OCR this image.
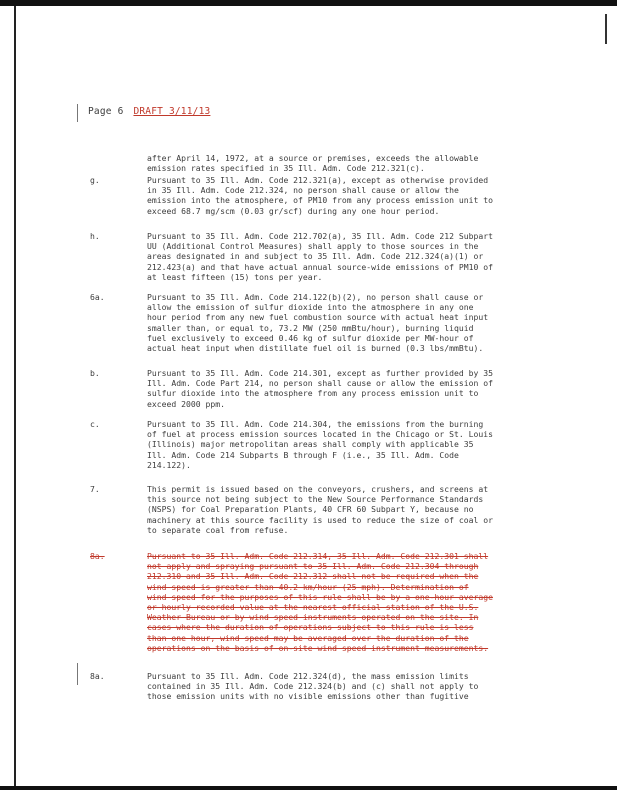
Page 6 DRAFT 3/11/13
after April 14, 1972, at a source or premises, exceeds the allowable
emission rates specified in 35 Ill. Adm. Code 212.321(c).
g.	Pursuant to 35 Ill. Adm. Code 212.321(a), except as otherwise provided
in 35 Ill. Adm. Code 212.324, no person shall cause or allow the
emission into the atmosphere, of PM10 from any process emission unit to
exceed 68.7 mg/scm (0.03 gr/scf) during any one hour period.
h.	Pursuant to 35 Ill. Adm. Code 212.702(a), 35 Ill. Adm. Code 212 Subpart
UU (Additional Control Measures) shall apply to those sources in the
areas designated in and subject to 35 Ill. Adm. Code 212.324(a)(1) or
212.423(a) and that have actual annual source-wide emissions of PM10 of
at least fifteen (15) tons per year.
6a.	Pursuant to 35 Ill. Adm. Code 214.122(b)(2), no person shall cause or
allow the emission of sulfur dioxide into the atmosphere in any one
hour period from any new fuel combustion source with actual heat input
smaller than, or equal to, 73.2 MW (250 mmBtu/hour), burning liquid
fuel exclusively to exceed 0.46 kg of sulfur dioxide per MW-hour of
actual heat input when distillate fuel oil is burned (0.3 lbs/mmBtu).
b.	Pursuant to 35 Ill. Adm. Code 214.301, except as further provided by 35
Ill. Adm. Code Part 214, no person shall cause or allow the emission of
sulfur dioxide into the atmosphere from any process emission unit to
exceed 2000 ppm.
c.	Pursuant to 35 Ill. Adm. Code 214.304, the emissions from the burning
of fuel at process emission sources located in the Chicago or St. Louis
(Illinois) major metropolitan areas shall comply with applicable 35
Ill. Adm. Code 214 Subparts B through F (i.e., 35 Ill. Adm. Code
214.122).
7.	This permit is issued based on the conveyors, crushers, and screens at
this source not being subject to the New Source Performance Standards
(NSPS) for Coal Preparation Plants, 40 CFR 60 Subpart Y, because no
machinery at this source facility is used to reduce the size of coal or
to separate coal from refuse.
8a.	Pursuant to 35 Ill. Adm. Code 212.314, 35 Ill. Adm. Code 212.301 shall
not apply and spraying pursuant to 35 Ill. Adm. Code 212.304 through
212.310 and 35 Ill. Adm. Code 212.312 shall not be required when the
wind speed is greater than 40.2 km/hour (25 mph). Determination of
wind speed for the purposes of this rule shall be by a one-hour average
or hourly recorded value at the nearest official station of the U.S.
Weather Bureau or by wind speed instruments operated on the site. In
cases where the duration of operations subject to this rule is less
than one hour, wind speed may be averaged over the duration of the
operations on the basis of on-site wind speed instrument measurements.
8a.	Pursuant to 35 Ill. Adm. Code 212.324(d), the mass emission limits
contained in 35 Ill. Adm. Code 212.324(b) and (c) shall not apply to
those emission units with no visible emissions other than fugitive
